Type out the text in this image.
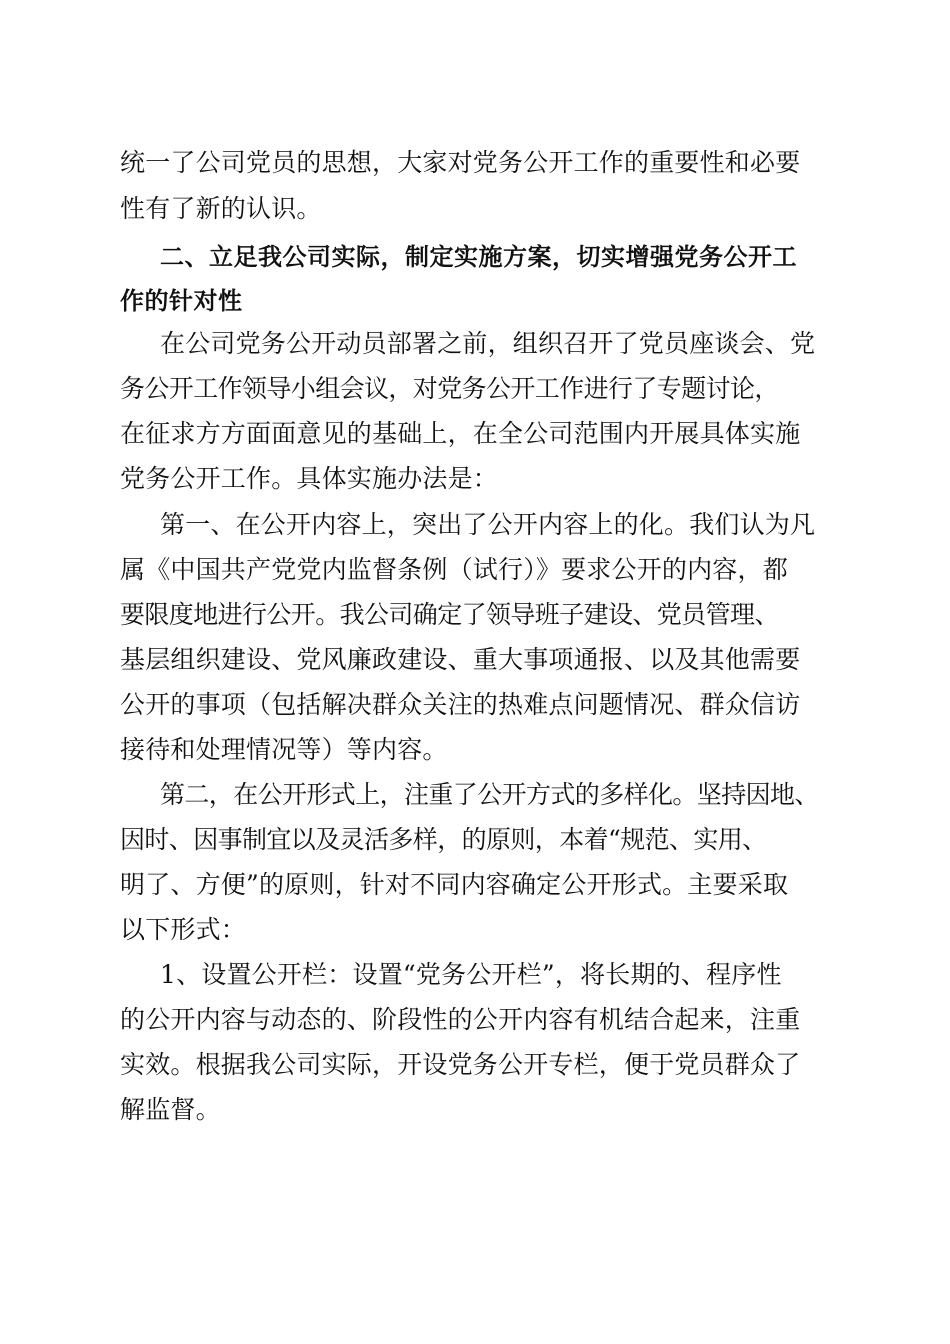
统一了公司党员的思想，大家对党务公开工作的重要性和必要

性有了新的认识。

二、立足我公司实际，制定实施方案，切实增强党务公开工

作的针对性

在公司党务公开动员部署之前，组织召开了党员座谈会、党

务公开工作领导小组会议，对党务公开工作进行了专题讨论，

在征求方方面面意见的基础上，在全公司范围内开展具体实施

党务公开工作。具体实施办法是：

第一、在公开内容上，突出了公开内容上的化。我们认为凡

属《中国共产党党内监督条例（试行）》要求公开的内容，都

要限度地进行公开。我公司确定了领导班子建设、党员管理、

基层组织建设、党风廉政建设、重大事项通报、以及其他需要

公开的事项（包括解决群众关注的热难点问题情况、群众信访

接待和处理情况等）等内容。

第二，在公开形式上，注重了公开方式的多样化。坚持因地、

因时、因事制宜以及灵活多样，的原则，本着“规范、实用、

明了、方便”的原则，针对不同内容确定公开形式。主要采取

以下形式：

1、设置公开栏：设置“党务公开栏”，将长期的、程序性

的公开内容与动态的、阶段性的公开内容有机结合起来，注重

实效。根据我公司实际，开设党务公开专栏，便于党员群众了

解监督。
